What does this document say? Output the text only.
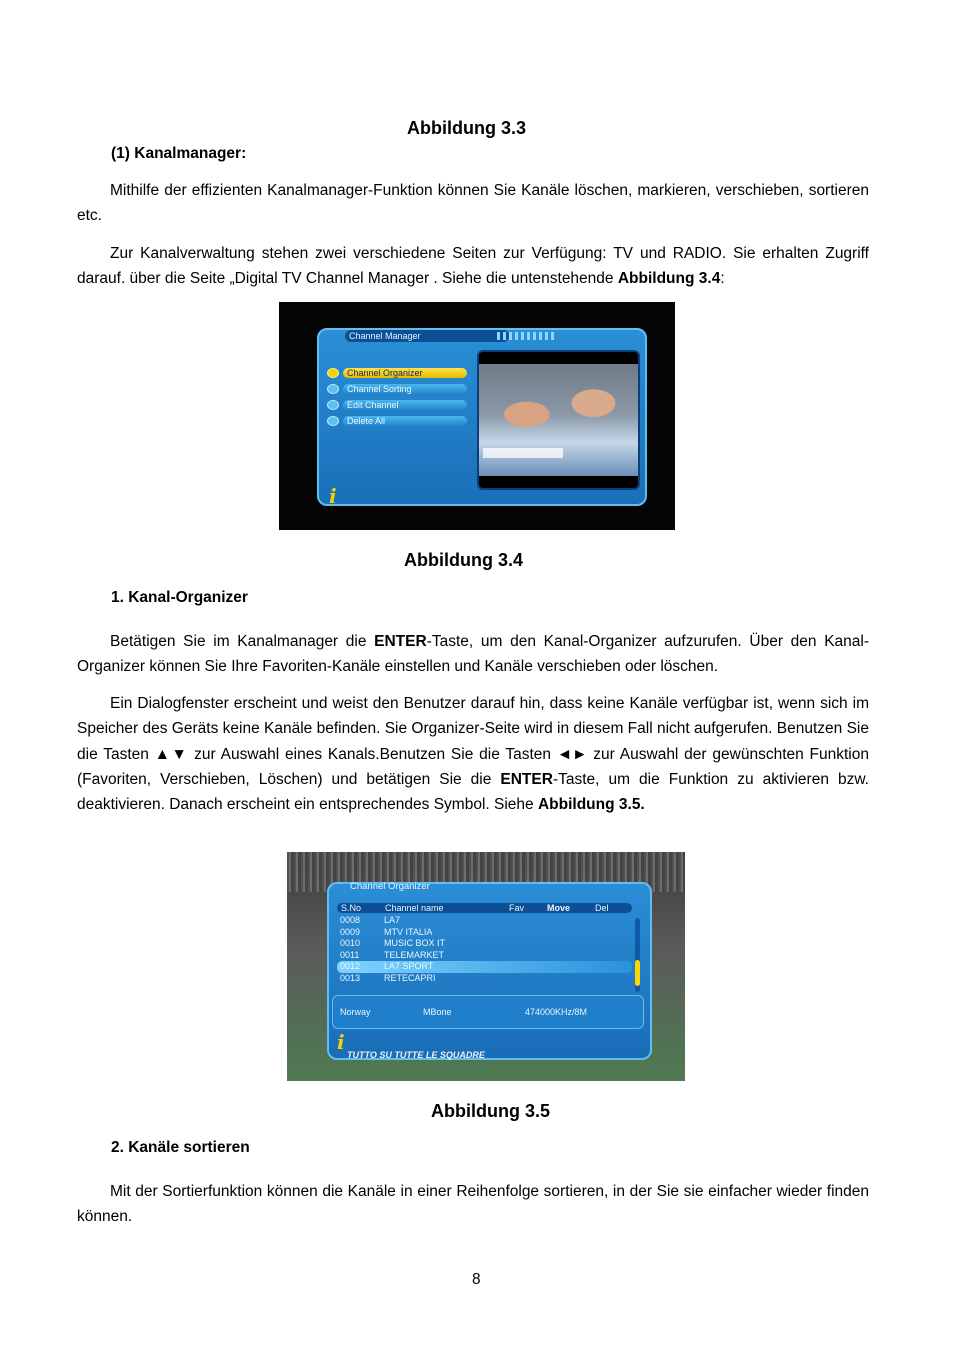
Abbildung 3.3
(1) Kanalmanager:

Mithilfe der effizienten Kanalmanager-Funktion können Sie Kanäle löschen, markieren, verschieben, sortieren etc.

Zur Kanalverwaltung stehen zwei verschiedene Seiten zur Verfügung: TV und RADIO. Sie erhalten Zugriff darauf. über die Seite „Digital TV Channel Manager . Siehe die untenstehende Abbildung 3.4:

Channel Manager
Channel Organizer
Channel Sorting
Edit Channel
Delete All
i
Abbildung 3.4
1. Kanal-Organizer

Betätigen Sie im Kanalmanager die ENTER-Taste, um den Kanal-Organizer aufzurufen. Über den Kanal-Organizer können Sie Ihre Favoriten-Kanäle einstellen und Kanäle verschieben oder löschen.

Ein Dialogfenster erscheint und weist den Benutzer darauf hin, dass keine Kanäle verfügbar ist, wenn sich im Speicher des Geräts keine Kanäle befinden. Sie Organizer-Seite wird in diesem Fall nicht aufgerufen. Benutzen Sie die Tasten ▲▼ zur Auswahl eines Kanals.Benutzen Sie die Tasten ◄► zur Auswahl der gewünschten Funktion (Favoriten, Verschieben, Löschen) und betätigen Sie die ENTER-Taste, um die Funktion zu aktivieren bzw. deaktivieren. Danach erscheint ein entsprechendes Symbol. Siehe Abbildung 3.5.

Channel Organizer
S.No	Channel name	Fav	Move	Del
0008	LA7
0009	MTV ITALIA
0010	MUSIC BOX IT
0011	TELEMARKET
0012	LA7 SPORT
0013	RETECAPRI
Norway	MBone	474000KHz/8M
i
TUTTO SU TUTTE LE SQUADRE
Abbildung 3.5
2. Kanäle sortieren

Mit der Sortierfunktion können die Kanäle in einer Reihenfolge sortieren, in der Sie sie einfacher wieder finden können.

8
